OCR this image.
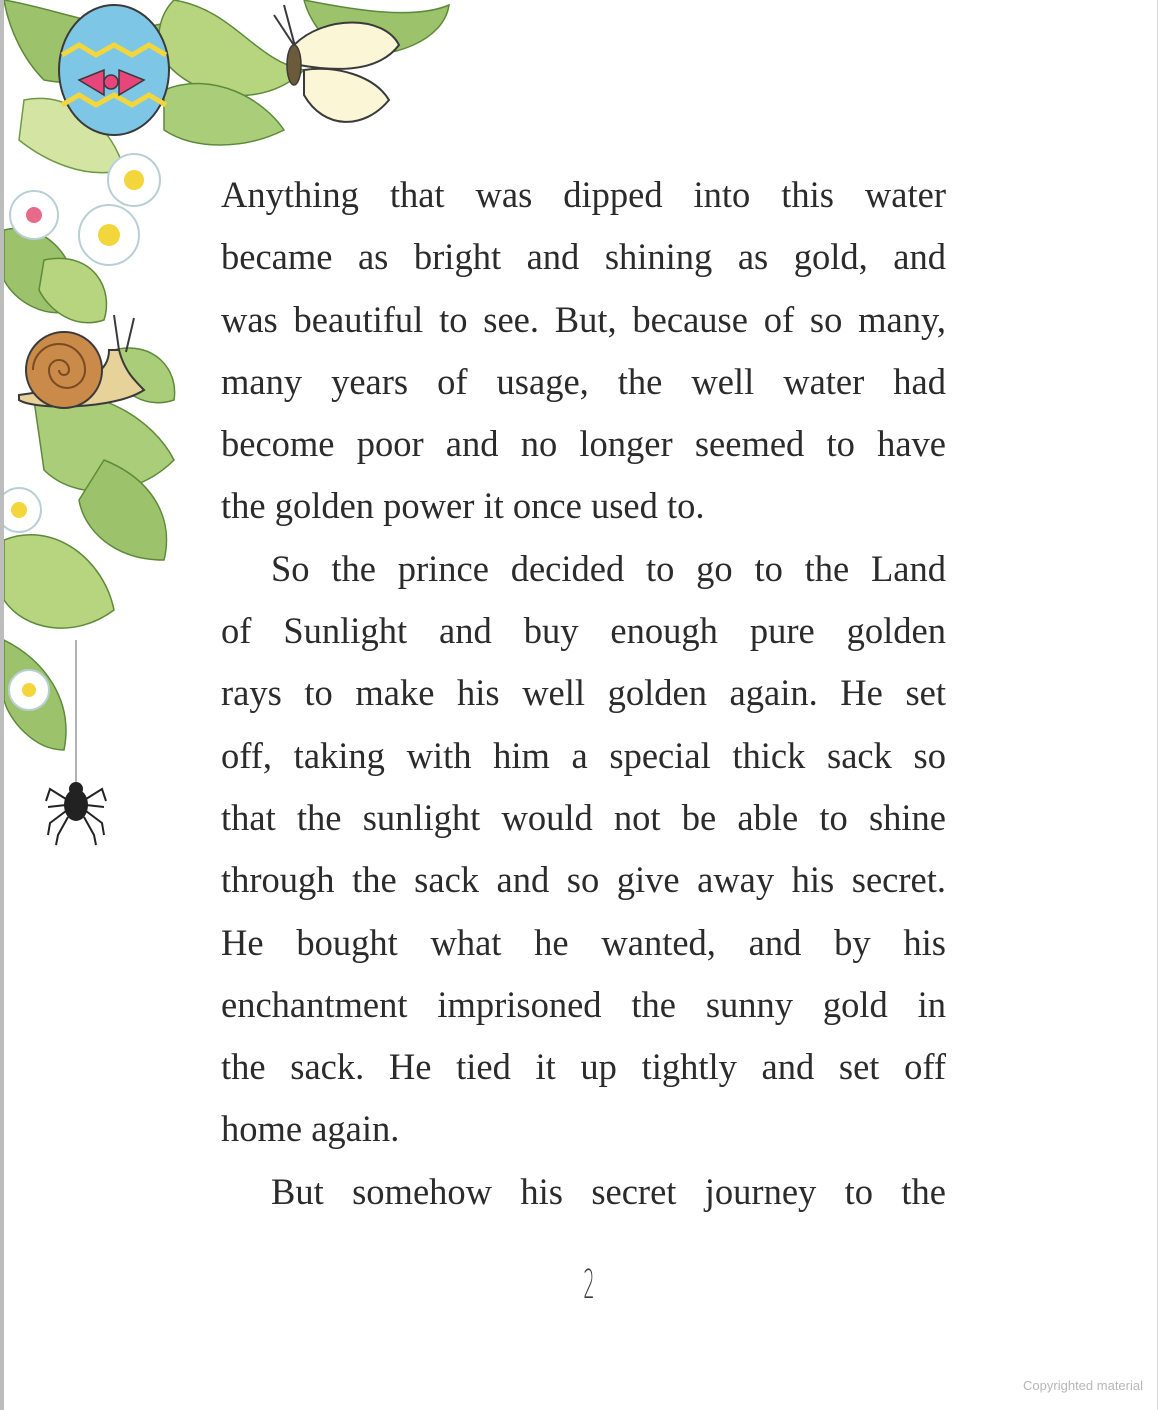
Anything that was dipped into this water
became as bright and shining as gold, and
was beautiful to see. But, because of so many,
many years of usage, the well water had
become poor and no longer seemed to have
the golden power it once used to.
So the prince decided to go to the Land
of Sunlight and buy enough pure golden
rays to make his well golden again. He set
off, taking with him a special thick sack so
that the sunlight would not be able to shine
through the sack and so give away his secret.
He bought what he wanted, and by his
enchantment imprisoned the sunny gold in
the sack. He tied it up tightly and set off
home again.
But somehow his secret journey to the
2
Copyrighted material
